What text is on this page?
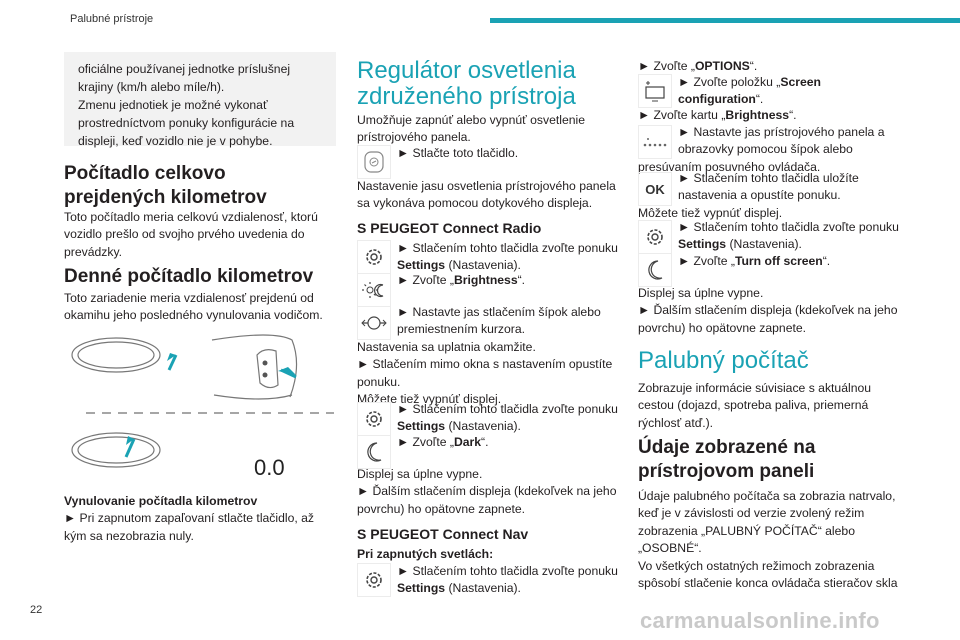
Palubné prístroje
22	carmanualsonline.info
oficiálne používanej jednotke príslušnej
krajiny (km/h alebo míle/h).
Zmenu jednotiek je možné vykonať
prostredníctvom ponuky konfigurácie na
displeji, keď vozidlo nie je v pohybe.
Počítadlo celkovo
prejdených kilometrov
Toto počítadlo meria celkovú vzdialenosť, ktorú
vozidlo prešlo od svojho prvého uvedenia do
prevádzky.
Denné počítadlo kilometrov
Toto zariadenie meria vzdialenosť prejdenú od
okamihu jeho posledného vynulovania vodičom.
0.0
Vynulovanie počítadla kilometrov
► Pri zapnutom zapaľovaní stlačte tlačidlo, až
kým sa nezobrazia nuly.
Regulátor osvetlenia
združeného prístroja
Umožňuje zapnúť alebo vypnúť osvetlenie
prístrojového panela.
► Stlačte toto tlačidlo.
Nastavenie jasu osvetlenia prístrojového panela
sa vykonáva pomocou dotykového displeja.
S PEUGEOT Connect Radio
► Stlačením tohto tlačidla zvoľte ponuku
Settings (Nastavenia).
► Zvoľte „Brightness“.
► Nastavte jas stlačením šípok alebo
premiestnením kurzora.
Nastavenia sa uplatnia okamžite.
► Stlačením mimo okna s nastavením opustíte
ponuku.
Môžete tiež vypnúť displej.
► Stlačením tohto tlačidla zvoľte ponuku
Settings (Nastavenia).
► Zvoľte „Dark“.
Displej sa úplne vypne.
► Ďalším stlačením displeja (kdekoľvek na jeho
povrchu) ho opätovne zapnete.
S PEUGEOT Connect Nav
Pri zapnutých svetlách:
► Stlačením tohto tlačidla zvoľte ponuku
Settings (Nastavenia).
► Zvoľte „OPTIONS“.
► Zvoľte položku „Screen
configuration“.
► Zvoľte kartu „Brightness“.
► Nastavte jas prístrojového panela a
obrazovky pomocou šípok alebo
presúvaním posuvného ovládača.
OK
► Stlačením tohto tlačidla uložíte
nastavenia a opustíte ponuku.
Môžete tiež vypnúť displej.
► Stlačením tohto tlačidla zvoľte ponuku
Settings (Nastavenia).
► Zvoľte „Turn off screen“.
Displej sa úplne vypne.
► Ďalším stlačením displeja (kdekoľvek na jeho
povrchu) ho opätovne zapnete.
Palubný počítač
Zobrazuje informácie súvisiace s aktuálnou
cestou (dojazd, spotreba paliva, priemerná
rýchlosť atď.).
Údaje zobrazené na
prístrojovom paneli
Údaje palubného počítača sa zobrazia natrvalo,
keď je v závislosti od verzie zvolený režim
zobrazenia „PALUBNÝ POČÍTAČ“ alebo
„OSOBNÉ“.
Vo všetkých ostatných režimoch zobrazenia
spôsobí stlačenie konca ovládača stieračov skla
